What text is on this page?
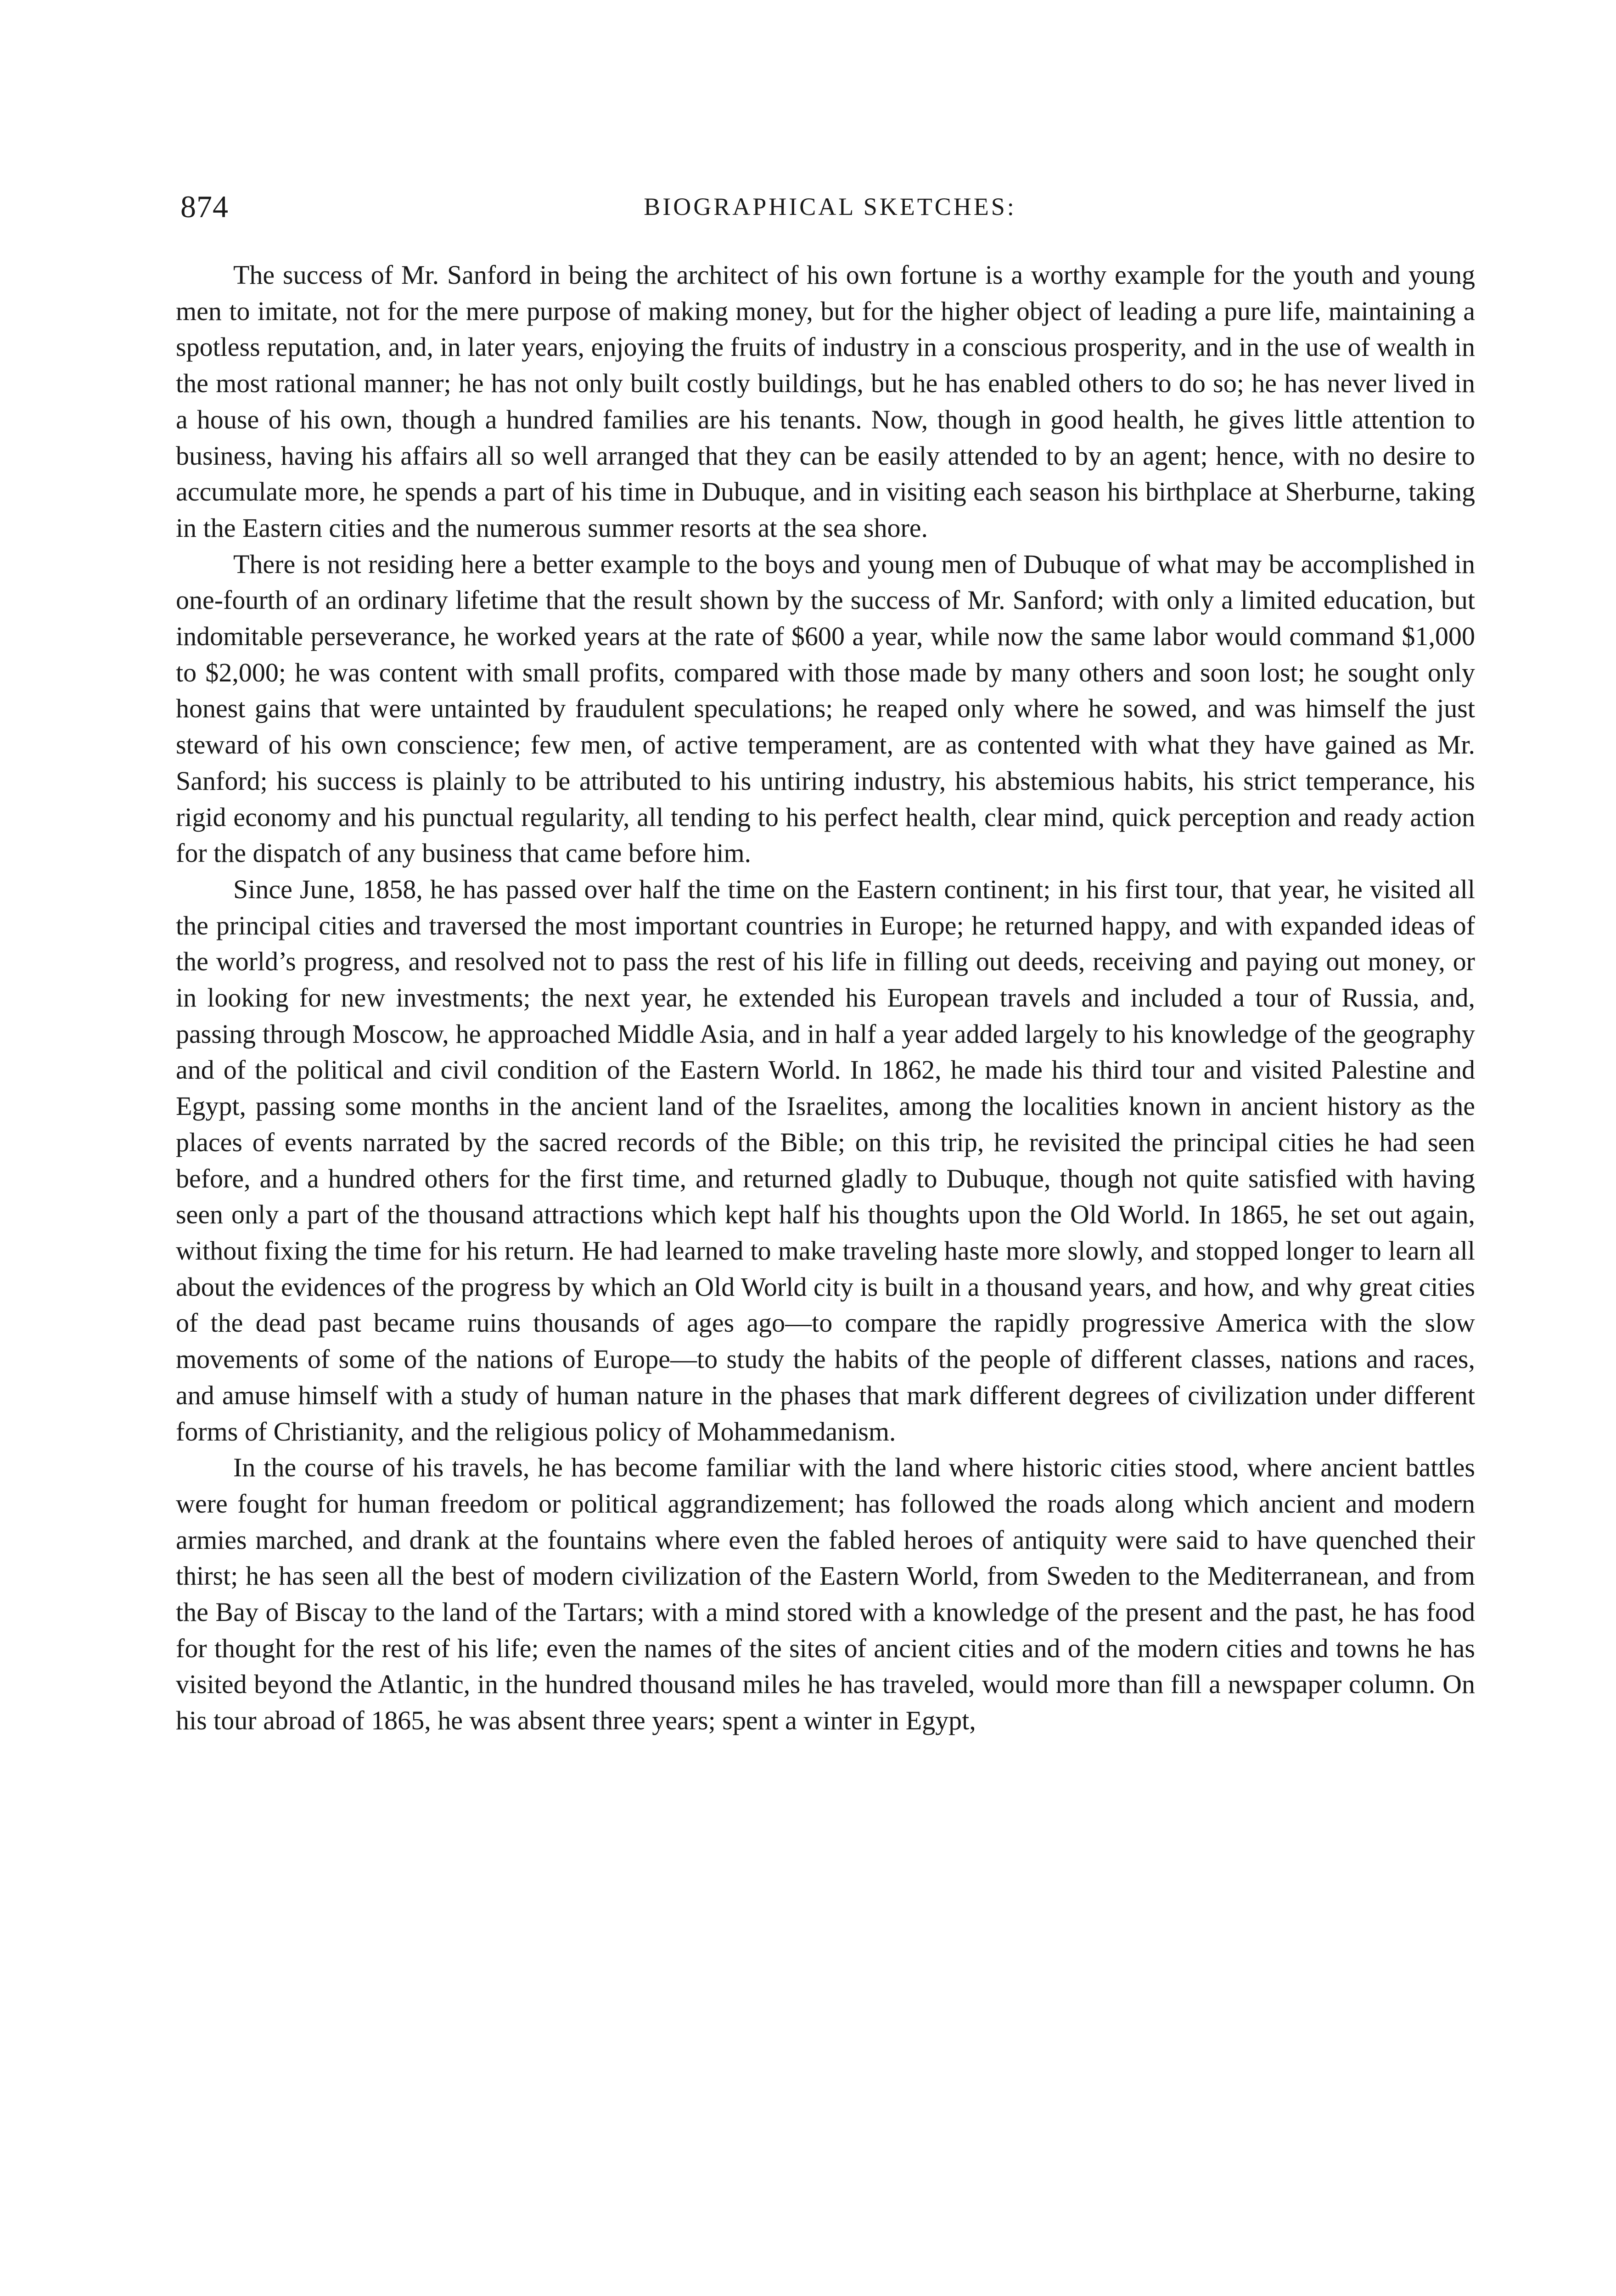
874	BIOGRAPHICAL SKETCHES:

The success of Mr. Sanford in being the architect of his own fortune is a worthy example for the youth and young men to imitate, not for the mere purpose of making money, but for the higher object of leading a pure life, maintaining a spotless reputation, and, in later years, enjoying the fruits of industry in a conscious prosperity, and in the use of wealth in the most rational manner; he has not only built costly buildings, but he has enabled others to do so; he has never lived in a house of his own, though a hundred families are his tenants. Now, though in good health, he gives little attention to business, having his affairs all so well arranged that they can be easily attended to by an agent; hence, with no desire to accumulate more, he spends a part of his time in Dubuque, and in visiting each season his birthplace at Sherburne, taking in the Eastern cities and the numerous summer resorts at the sea shore.

There is not residing here a better example to the boys and young men of Dubuque of what may be accomplished in one-fourth of an ordinary lifetime that the result shown by the success of Mr. Sanford; with only a limited education, but indomitable perseverance, he worked years at the rate of $600 a year, while now the same labor would command $1,000 to $2,000; he was content with small profits, compared with those made by many others and soon lost; he sought only honest gains that were untainted by fraudulent speculations; he reaped only where he sowed, and was himself the just steward of his own conscience; few men, of active temperament, are as contented with what they have gained as Mr. Sanford; his success is plainly to be attributed to his untiring industry, his abstemious habits, his strict temperance, his rigid economy and his punctual regularity, all tending to his perfect health, clear mind, quick perception and ready action for the dispatch of any business that came before him.

Since June, 1858, he has passed over half the time on the Eastern continent; in his first tour, that year, he visited all the principal cities and traversed the most important countries in Europe; he returned happy, and with expanded ideas of the world’s progress, and resolved not to pass the rest of his life in filling out deeds, receiving and paying out money, or in looking for new investments; the next year, he extended his European travels and included a tour of Russia, and, passing through Moscow, he approached Middle Asia, and in half a year added largely to his knowledge of the geography and of the political and civil condition of the Eastern World. In 1862, he made his third tour and visited Palestine and Egypt, passing some months in the ancient land of the Israelites, among the localities known in ancient history as the places of events narrated by the sacred records of the Bible; on this trip, he revisited the principal cities he had seen before, and a hundred others for the first time, and returned gladly to Dubuque, though not quite satisfied with having seen only a part of the thousand attractions which kept half his thoughts upon the Old World. In 1865, he set out again, without fixing the time for his return. He had learned to make traveling haste more slowly, and stopped longer to learn all about the evidences of the progress by which an Old World city is built in a thousand years, and how, and why great cities of the dead past became ruins thousands of ages ago—to compare the rapidly progressive America with the slow movements of some of the nations of Europe—to study the habits of the people of different classes, nations and races, and amuse himself with a study of human nature in the phases that mark different degrees of civilization under different forms of Christianity, and the religious policy of Mohammedanism.

In the course of his travels, he has become familiar with the land where historic cities stood, where ancient battles were fought for human freedom or political aggrandizement; has followed the roads along which ancient and modern armies marched, and drank at the fountains where even the fabled heroes of antiquity were said to have quenched their thirst; he has seen all the best of modern civilization of the Eastern World, from Sweden to the Mediterranean, and from the Bay of Biscay to the land of the Tartars; with a mind stored with a knowledge of the present and the past, he has food for thought for the rest of his life; even the names of the sites of ancient cities and of the modern cities and towns he has visited beyond the Atlantic, in the hundred thousand miles he has traveled, would more than fill a newspaper column. On his tour abroad of 1865, he was absent three years; spent a winter in Egypt,
